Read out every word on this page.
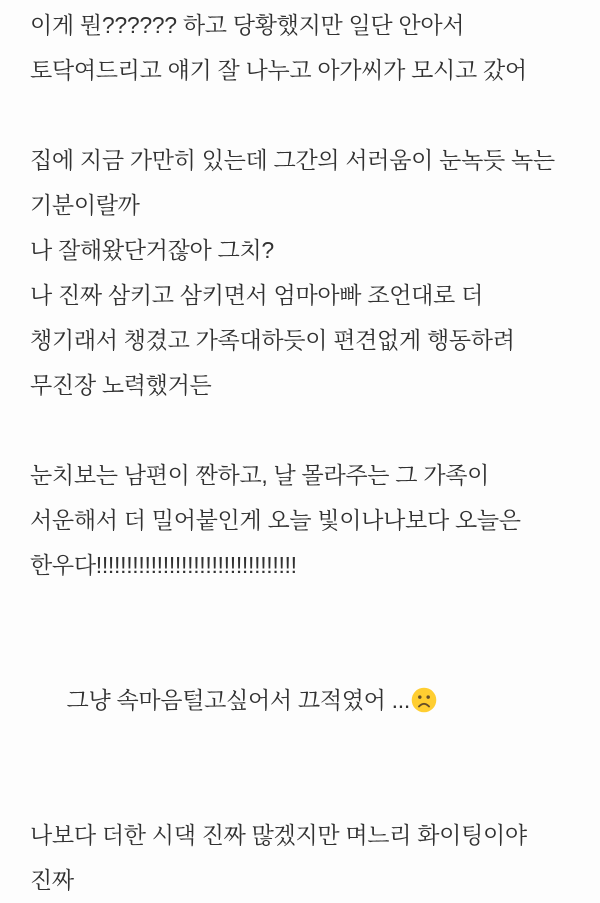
이게 뭔?????? 하고 당황했지만 일단 안아서
토닥여드리고 얘기 잘 나누고 아가씨가 모시고 갔어
집에 지금 가만히 있는데 그간의 서러움이 눈녹듯 녹는
기분이랄까
나 잘해왔단거잖아 그치?
나 진짜 삼키고 삼키면서 엄마아빠 조언대로 더
챙기래서 챙겼고 가족대하듯이 편견없게 행동하려
무진장 노력했거든
눈치보는 남편이 짠하고, 날 몰라주는 그 가족이
서운해서 더 밀어붙인게 오늘 빛이나나보다 오늘은
한우다!!!!!!!!!!!!!!!!!!!!!!!!!!!!!!!!!

그냥 속마음털고싶어서 끄적였어 ...

나보다 더한 시댁 진짜 많겠지만 며느리 화이팅이야
진짜
